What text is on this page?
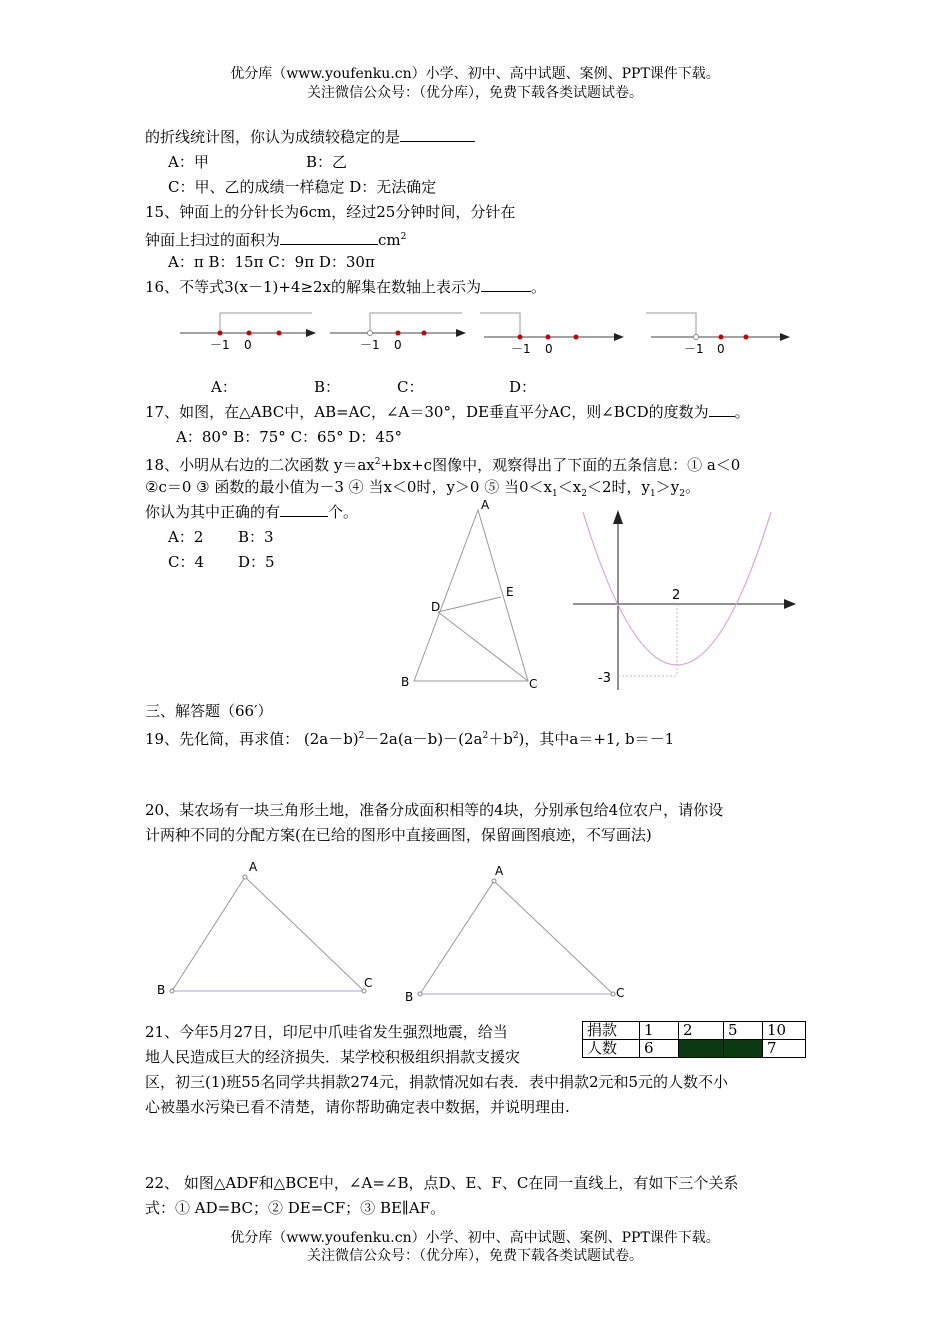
优分库（www.youfenku.cn）小学、初中、高中试题、案例、PPT课件下载。
关注微信公众号：（优分库），免费下载各类试题试卷。
的折线统计图，你认为成绩较稳定的是
A：甲	B：乙
C：甲、乙的成绩一样稳定 D：无法确定
15、钟面上的分针长为6cm，经过25分钟时间，分针在
钟面上扫过的面积为	$cm^2$
A：π B：15π C：9π D：30π
16、不等式3(x－1)+4≥2x的解集在数轴上表示为	。
－1 0	－1 0	－1 0	－1 0
A
B	C
D
E	2
-3
A
B	C
A
B	C
A：	B：	C：	D：
17、如图，在△ABC中，AB=AC，∠A＝30°，DE垂直平分AC，则∠BCD的度数为 。
A：80° B：75° C：65° D：45°
18、小明从右边的二次函数 $y=ax^2+bx+c$图像中，观察得出了下面的五条信息：① a＜0
②c＝0 ③ 函数的最小值为－3 ④ 当x＜0时，y＞0 ⑤ 当$0<x_1<x_2<2$时，$y_1>y_2$。
你认为其中正确的有	个。
A：2 B：3
C：4 D：5
三、解答题（66′）
19、先化简，再求值： $(2a-b)^2-2a(a-b)-(2a^2+b^2)$，其中a＝+1, b＝－1
20、某农场有一块三角形土地，准备分成面积相等的4块，分别承包给4位农户，请你设
计两种不同的分配方案(在已给的图形中直接画图，保留画图痕迹，不写画法)
21、今年5月27日，印尼中爪哇省发生强烈地震，给当
地人民造成巨大的经济损失．某学校积极组织捐款支援灾
区，初三(1)班55名同学共捐款274元，捐款情况如右表．表中捐款2元和5元的人数不小
心被墨水污染已看不清楚，请你帮助确定表中数据，并说明理由.
捐款	1	2	5	10
人数	6			7
22、 如图△ADF和△BCE中，∠A=∠B，点D、E、F、C在同一直线上，有如下三个关系
式：① AD=BC；② DE=CF；③ BE∥AF。
优分库（www.youfenku.cn）小学、初中、高中试题、案例、PPT课件下载。
关注微信公众号：（优分库），免费下载各类试题试卷。
